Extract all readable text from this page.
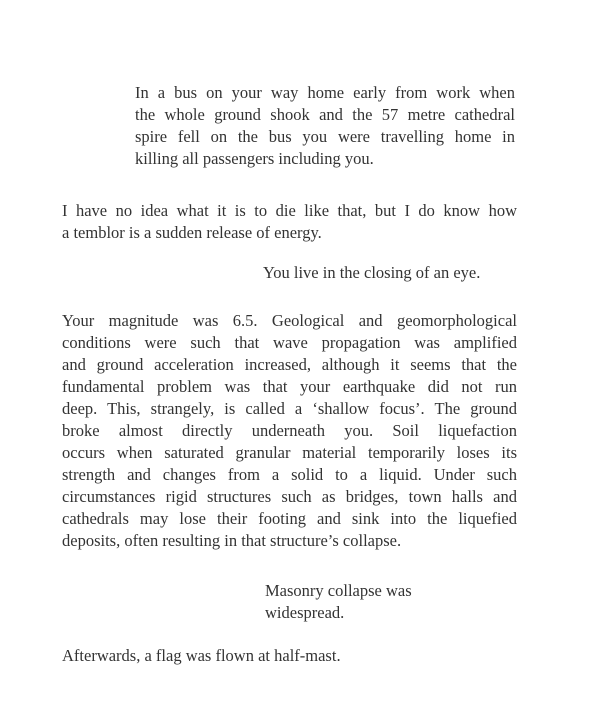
In a bus on your way home early from work when
the whole ground shook and the 57 metre cathedral
spire fell on the bus you were travelling home in
killing all passengers including you.
I have no idea what it is to die like that, but I do know how
a temblor is a sudden release of energy.
You live in the closing of an eye.
Your magnitude was 6.5. Geological and geomorphological
conditions were such that wave propagation was amplified
and ground acceleration increased, although it seems that the
fundamental problem was that your earthquake did not run
deep. This, strangely, is called a ‘shallow focus’. The ground
broke almost directly underneath you. Soil liquefaction
occurs when saturated granular material temporarily loses its
strength and changes from a solid to a liquid. Under such
circumstances rigid structures such as bridges, town halls and
cathedrals may lose their footing and sink into the liquefied
deposits, often resulting in that structure’s collapse.
Masonry collapse was
widespread.
Afterwards, a flag was flown at half-mast.
